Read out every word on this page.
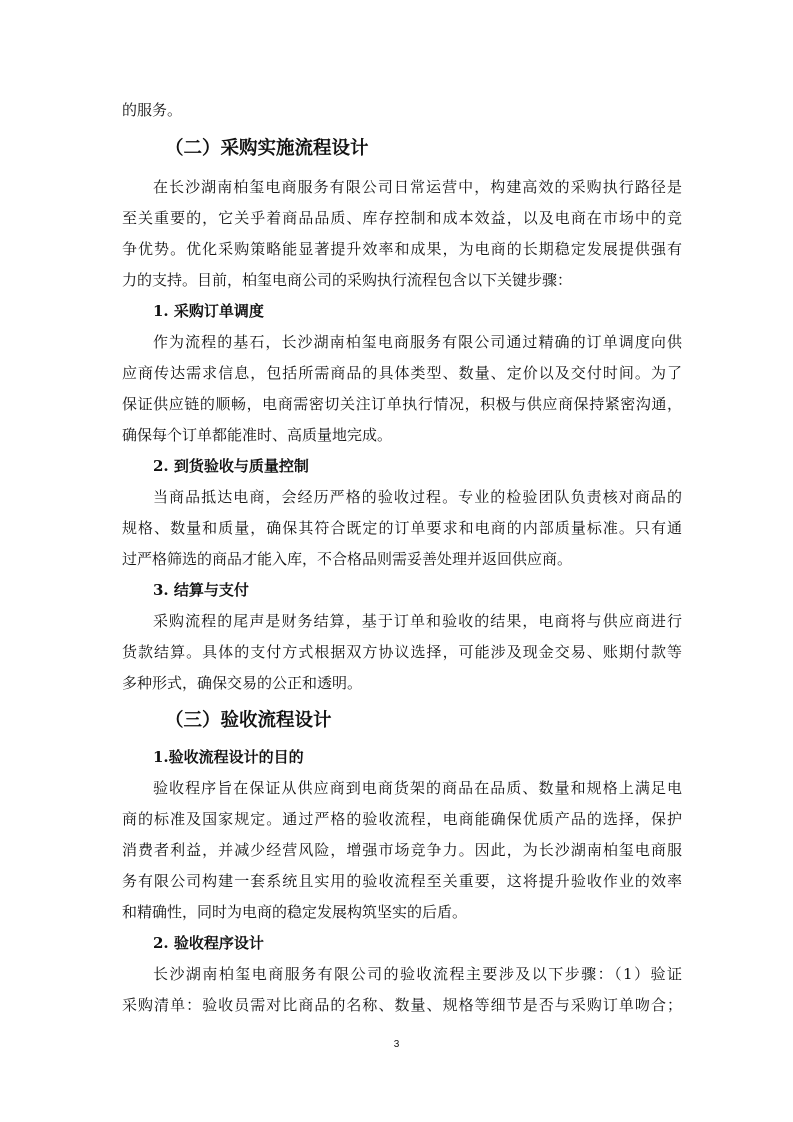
的服务。
（二）采购实施流程设计
在长沙湖南柏玺电商服务有限公司日常运营中，构建高效的采购执行路径是
至关重要的，它关乎着商品品质、库存控制和成本效益，以及电商在市场中的竞
争优势。优化采购策略能显著提升效率和成果，为电商的长期稳定发展提供强有
力的支持。目前，柏玺电商公司的采购执行流程包含以下关键步骤：
1. 采购订单调度
作为流程的基石，长沙湖南柏玺电商服务有限公司通过精确的订单调度向供
应商传达需求信息，包括所需商品的具体类型、数量、定价以及交付时间。为了
保证供应链的顺畅，电商需密切关注订单执行情况，积极与供应商保持紧密沟通，
确保每个订单都能准时、高质量地完成。
2. 到货验收与质量控制
当商品抵达电商，会经历严格的验收过程。专业的检验团队负责核对商品的
规格、数量和质量，确保其符合既定的订单要求和电商的内部质量标准。只有通
过严格筛选的商品才能入库，不合格品则需妥善处理并返回供应商。
3. 结算与支付
采购流程的尾声是财务结算，基于订单和验收的结果，电商将与供应商进行
货款结算。具体的支付方式根据双方协议选择，可能涉及现金交易、账期付款等
多种形式，确保交易的公正和透明。
（三）验收流程设计
1.验收流程设计的目的
验收程序旨在保证从供应商到电商货架的商品在品质、数量和规格上满足电
商的标准及国家规定。通过严格的验收流程，电商能确保优质产品的选择，保护
消费者利益，并减少经营风险，增强市场竞争力。因此，为长沙湖南柏玺电商服
务有限公司构建一套系统且实用的验收流程至关重要，这将提升验收作业的效率
和精确性，同时为电商的稳定发展构筑坚实的后盾。
2. 验收程序设计
长沙湖南柏玺电商服务有限公司的验收流程主要涉及以下步骤：（1）验证
采购清单：验收员需对比商品的名称、数量、规格等细节是否与采购订单吻合；
3
